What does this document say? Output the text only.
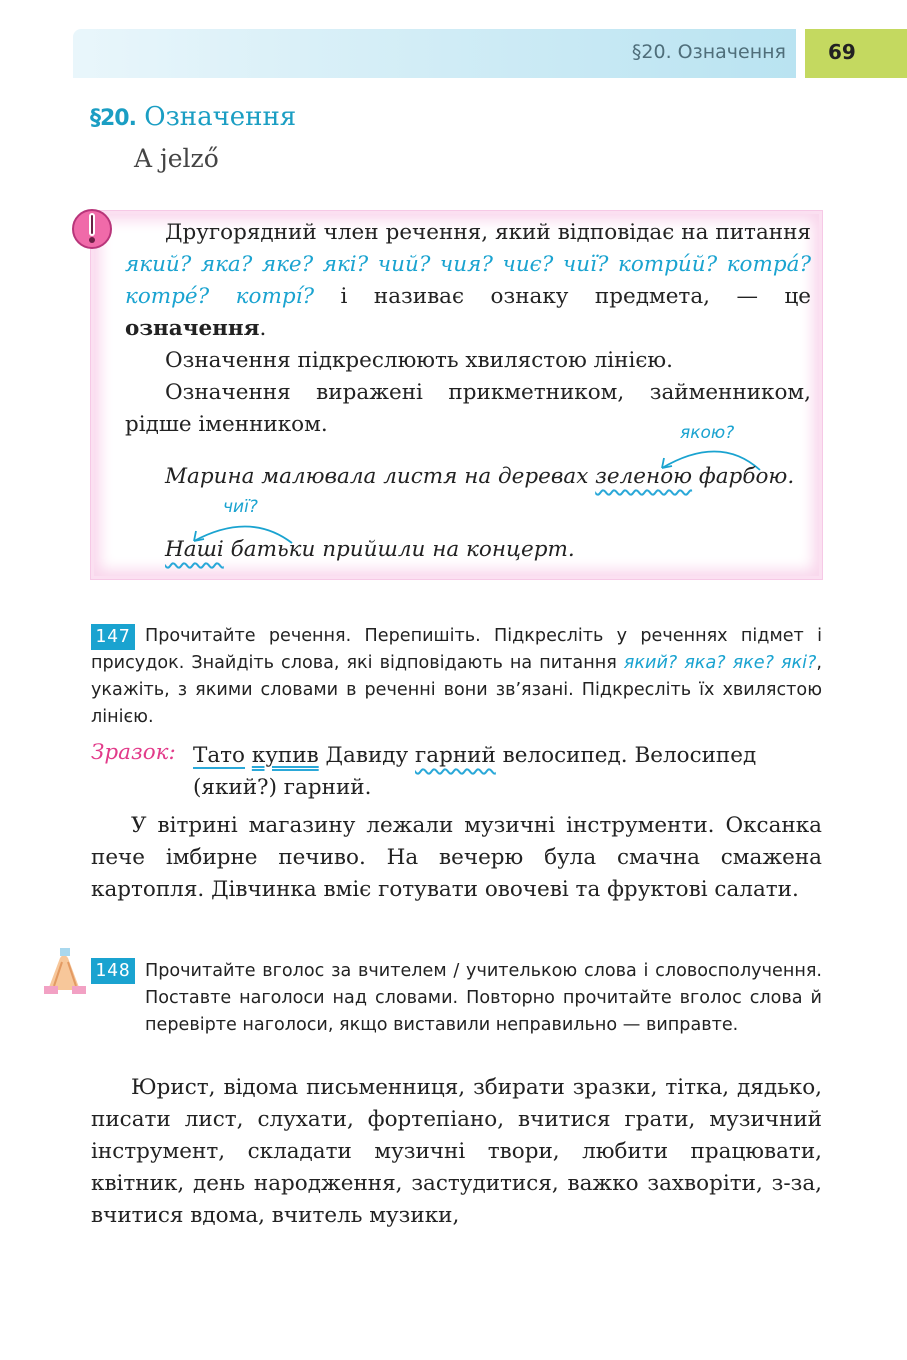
§20. Означення	69
§20. Означення
A jelző

Другорядний член речення, який відповідає на питання який? яка? яке? які? чий? чия? чиє? чиї? котри́й? котра́? котре́? котрі́? і називає ознаку предмета, — це означення.

Означення підкреслюють хвилястою лінією.

Означення виражені прикметником, займенником, рідше іменником.	якою?
Марина малювала листя на деревах зеленою фарбою.
чиї?
Наші батьки прийшли на концерт.
147 Прочитайте речення. Перепишіть. Підкресліть у реченнях підмет і присудок. Знайдіть слова, які відповідають на питання який? яка? яке? які?, укажіть, з якими словами в реченні вони зв’язані. Підкресліть їх хвилястою лінією.
Зразок: Тато купив Давиду гарний велосипед. Велосипед (який?) гарний.

У вітрині магазину лежали музичні інструменти. Оксанка пече імбирне печиво. На вечерю була смачна смажена картопля. Дівчинка вміє готувати овочеві та фруктові салати.

148 Прочитайте вголос за вчителем / учителькою слова і словосполучення. Поставте наголоси над словами. Повторно прочитайте вголос слова й перевірте наголоси, якщо виставили неправильно — виправте.

Юрист, відома письменниця, збирати зразки, тітка, дядько, писати лист, слухати, фортепіано, вчитися грати, музичний інструмент, складати музичні твори, любити працювати, квітник, день народження, застудитися, важко захворіти, з-за, вчитися вдома, вчитель музики,
